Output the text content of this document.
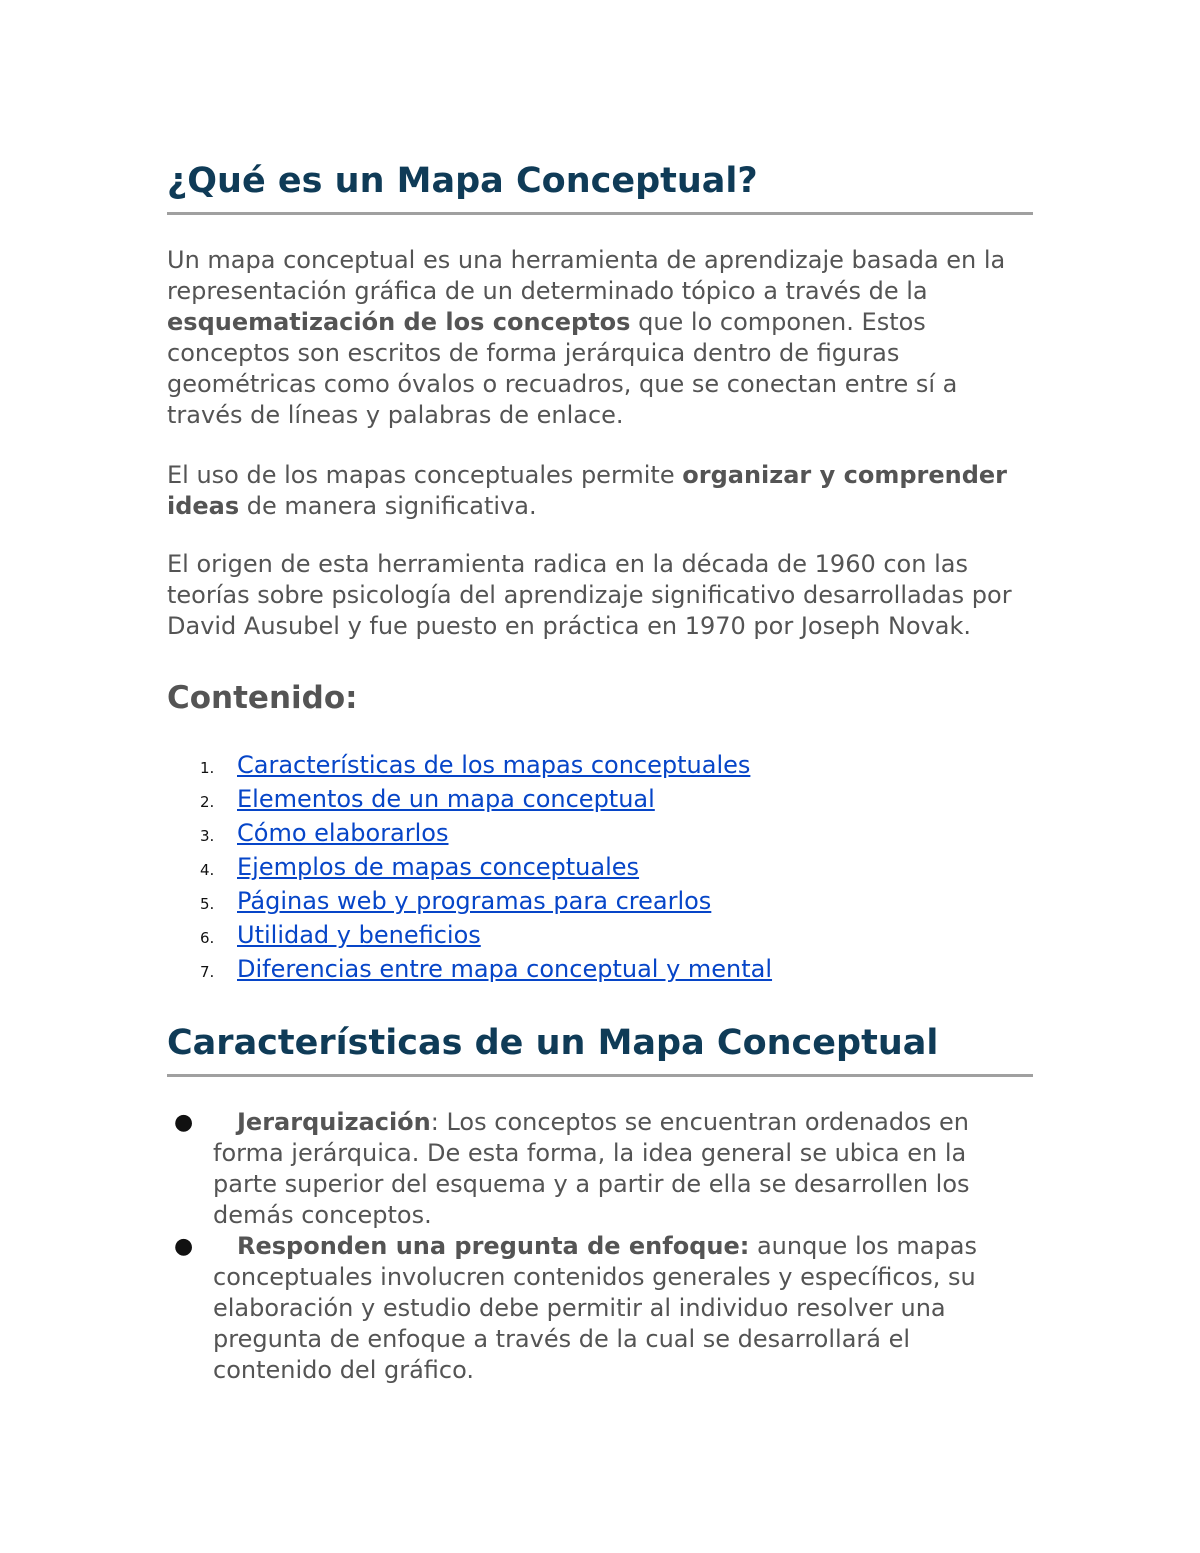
¿Qué es un Mapa Conceptual?

Un mapa conceptual es una herramienta de aprendizaje basada en la representación gráfica de un determinado tópico a través de la esquematización de los conceptos que lo componen. Estos conceptos son escritos de forma jerárquica dentro de figuras geométricas como óvalos o recuadros, que se conectan entre sí a través de líneas y palabras de enlace.

El uso de los mapas conceptuales permite organizar y comprender ideas de manera significativa.

El origen de esta herramienta radica en la década de 1960 con las teorías sobre psicología del aprendizaje significativo desarrolladas por David Ausubel y fue puesto en práctica en 1970 por Joseph Novak.

Contenido:
1. Características de los mapas conceptuales
2. Elementos de un mapa conceptual
3. Cómo elaborarlos
4. Ejemplos de mapas conceptuales
5. Páginas web y programas para crearlos
6. Utilidad y beneficios
7. Diferencias entre mapa conceptual y mental
Características de un Mapa Conceptual
● Jerarquización: Los conceptos se encuentran ordenados en forma jerárquica. De esta forma, la idea general se ubica en la parte superior del esquema y a partir de ella se desarrollen los demás conceptos.
● Responden una pregunta de enfoque: aunque los mapas conceptuales involucren contenidos generales y específicos, su elaboración y estudio debe permitir al individuo resolver una pregunta de enfoque a través de la cual se desarrollará el contenido del gráfico.
